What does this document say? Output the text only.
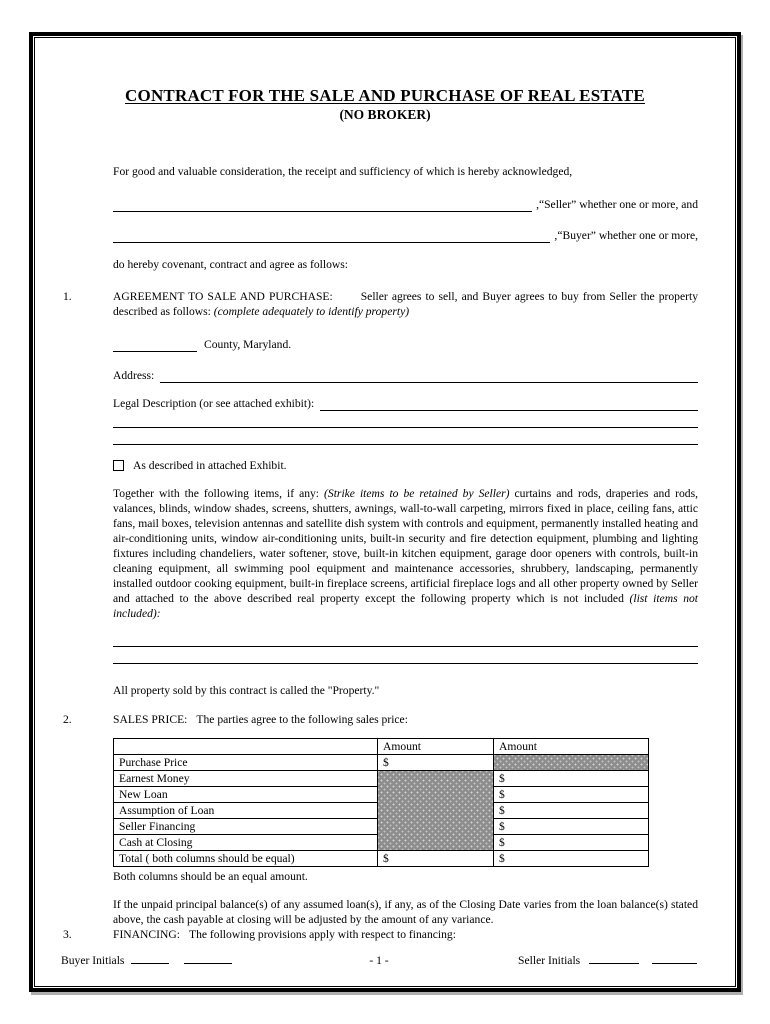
CONTRACT FOR THE SALE AND PURCHASE OF REAL ESTATE
(NO BROKER)

For good and valuable consideration, the receipt and sufficiency of which is hereby acknowledged,

,“Seller” whether one or more, and
,“Buyer” whether one or more,

do hereby covenant, contract and agree as follows:

1.	AGREEMENT TO SALE AND PURCHASE: Seller agrees to sell, and Buyer agrees to buy from Seller the property described as follows: (complete adequately to identify property)

County, Maryland.
Address:
Legal Description (or see attached exhibit):
As described in attached Exhibit.

Together with the following items, if any: (Strike items to be retained by Seller) curtains and rods, draperies and rods, valances, blinds, window shades, screens, shutters, awnings, wall-to-wall carpeting, mirrors fixed in place, ceiling fans, attic fans, mail boxes, television antennas and satellite dish system with controls and equipment, permanently installed heating and air-conditioning units, window air-conditioning units, built-in security and fire detection equipment, plumbing and lighting fixtures including chandeliers, water softener, stove, built-in kitchen equipment, garage door openers with controls, built-in cleaning equipment, all swimming pool equipment and maintenance accessories, shrubbery, landscaping, permanently installed outdoor cooking equipment, built-in fireplace screens, artificial fireplace logs and all other property owned by Seller and attached to the above described real property except the following property which is not included (list items not included):

All property sold by this contract is called the "Property."

2.	SALES PRICE: The parties agree to the following sales price:

	Amount	Amount
Purchase Price	$	
Earnest Money		$
New Loan		$
Assumption of Loan		$
Seller Financing		$
Cash at Closing		$
Total ( both columns should be equal)	$	$

Both columns should be an equal amount.

If the unpaid principal balance(s) of any assumed loan(s), if any, as of the Closing Date varies from the loan balance(s) stated above, the cash payable at closing will be adjusted by the amount of any variance.

3.	FINANCING: The following provisions apply with respect to financing:

Buyer Initials	- 1 -	Seller Initials
